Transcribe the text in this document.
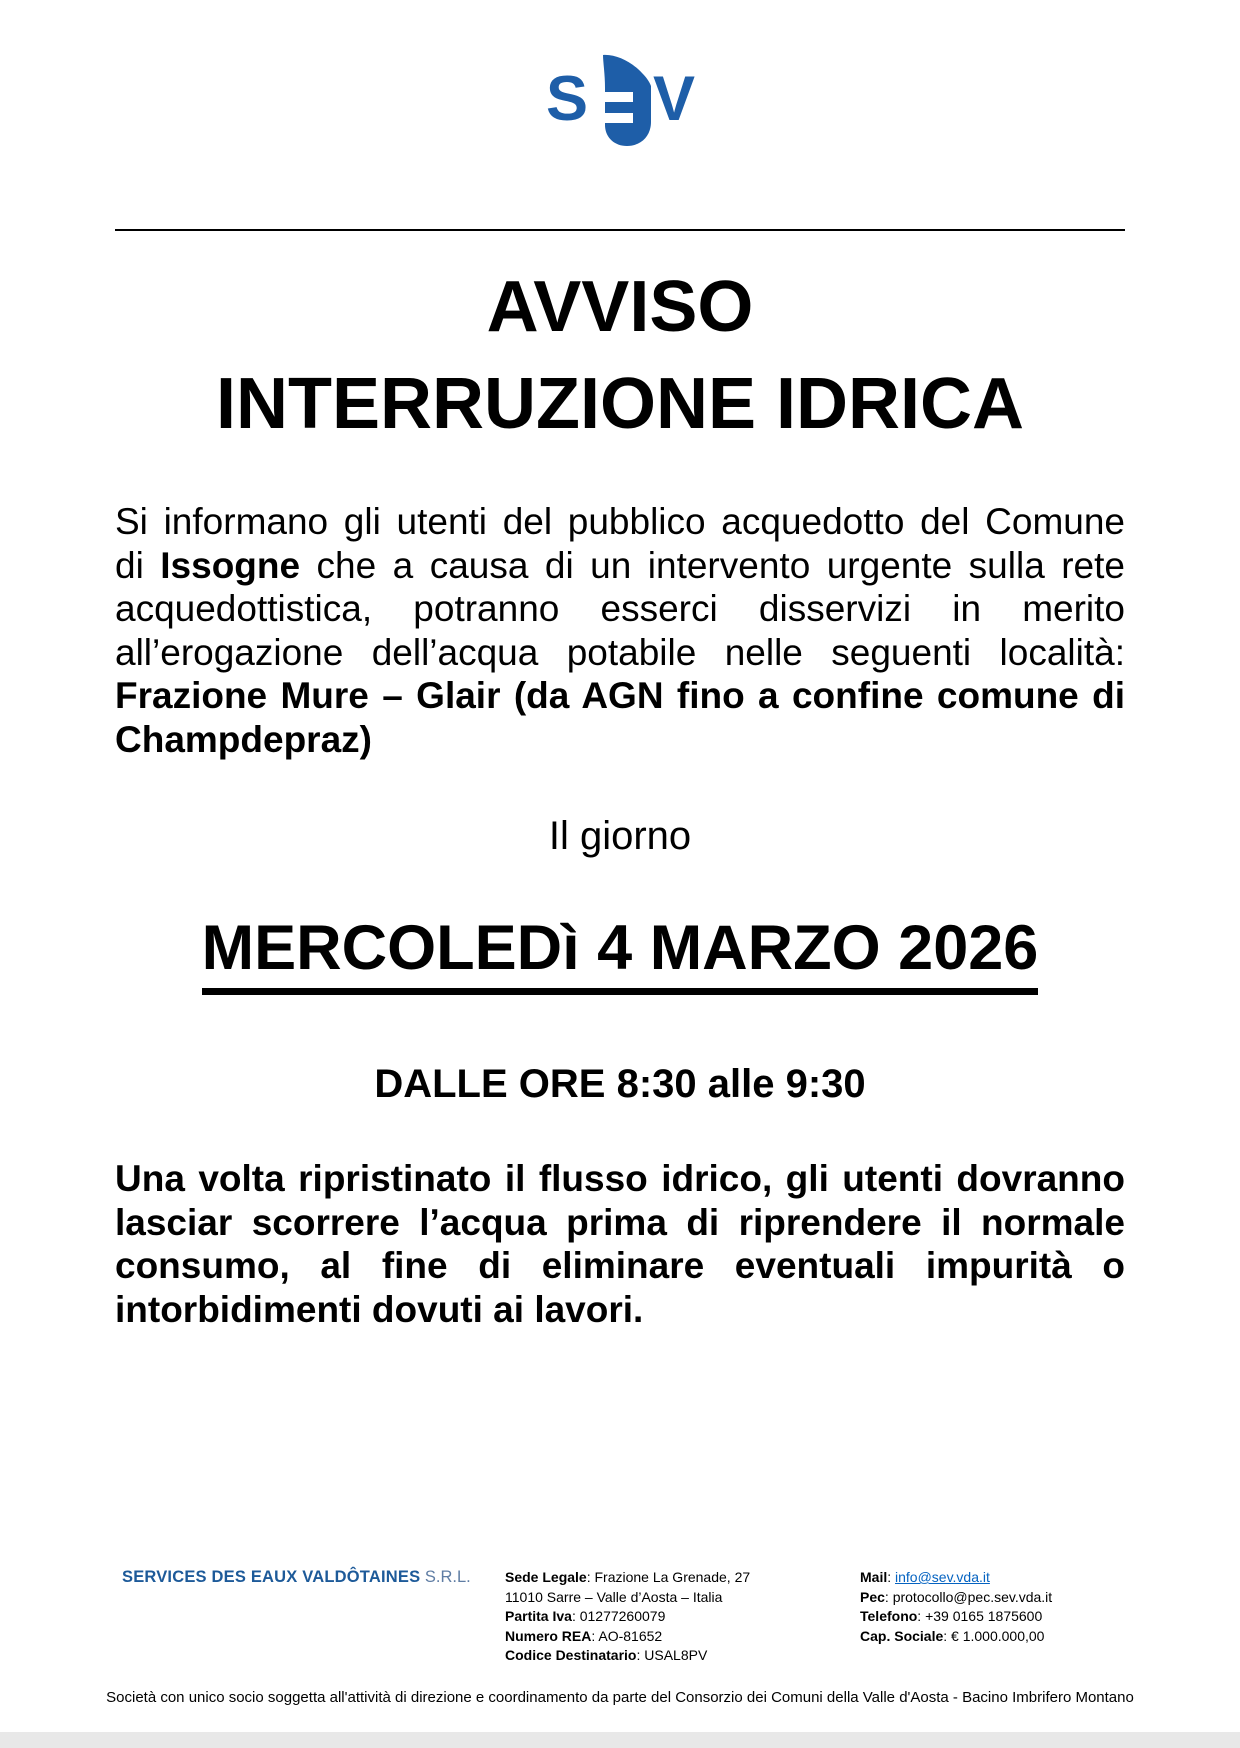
S V
AVVISO
INTERRUZIONE IDRICA
Si informano gli utenti del pubblico acquedotto del Comune
di Issogne che a causa di un intervento urgente sulla rete
acquedottistica, potranno esserci disservizi in merito
all’erogazione dell’acqua potabile nelle seguenti località:
Frazione Mure – Glair (da AGN fino a confine comune di
Champdepraz)
Il giorno
MERCOLEDì 4 MARZO 2026
DALLE ORE 8:30 alle 9:30
Una volta ripristinato il flusso idrico, gli utenti dovranno
lasciar scorrere l’acqua prima di riprendere il normale
consumo, al fine di eliminare eventuali impurità o
intorbidimenti dovuti ai lavori.
SERVICES DES EAUX VALDÔTAINES S.R.L.	Sede Legale: Frazione La Grenade, 27
11010 Sarre – Valle d’Aosta – Italia
Partita Iva: 01277260079
Numero REA: AO-81652
Codice Destinatario: USAL8PV
Mail: info@sev.vda.it
Pec: protocollo@pec.sev.vda.it
Telefono: +39 0165 1875600
Cap. Sociale: € 1.000.000,00
Società con unico socio soggetta all'attività di direzione e coordinamento da parte del Consorzio dei Comuni della Valle d'Aosta - Bacino Imbrifero Montano
